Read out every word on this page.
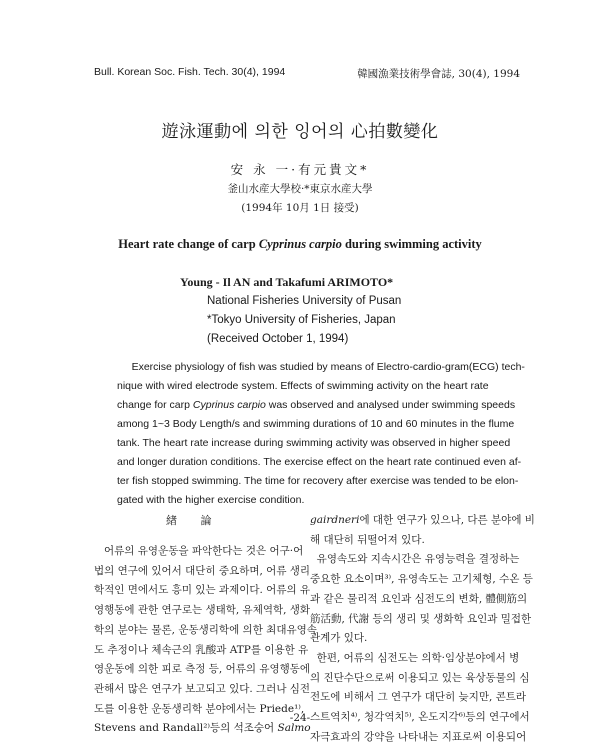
Bull. Korean Soc. Fish. Tech. 30(4), 1994	韓國漁業技術學會誌, 30(4), 1994
遊泳運動에 의한 잉어의 心拍數變化
安 永 一·有元貴文*
釜山水産大學校·*東京水産大學
(1994年 10月 1日 接受)
Heart rate change of carp Cyprinus carpio during swimming activity
Young - Il AN and Takafumi ARIMOTO*
National Fisheries University of Pusan
*Tokyo University of Fisheries, Japan
(Received October 1, 1994)
Exercise physiology of fish was studied by means of Electro-cardio-gram(ECG) tech-
nique with wired electrode system. Effects of swimming activity on the heart rate
change for carp Cyprinus carpio was observed and analysed under swimming speeds
among 1~3 Body Length/s and swimming durations of 10 and 60 minutes in the flume
tank. The heart rate increase during swimming activity was observed in higher speed
and longer duration conditions. The exercise effect on the heart rate continued even af-
ter fish stopped swimming. The time for recovery after exercise was tended to be elon-
gated with the higher exercise condition.
緖 論
어류의 유영운동을 파악한다는 것은 어구·어
법의 연구에 있어서 대단히 중요하며, 어류 생리
학적인 면에서도 흥미 있는 과제이다. 어류의 유
영행동에 관한 연구로는 생태학, 유체역학, 생화
학의 분야는 물론, 운동생리학에 의한 최대유영속
도 추정이나 체속근의 乳酸과 ATP를 이용한 유
영운동에 의한 피로 측정 등, 어류의 유영행동에
관해서 많은 연구가 보고되고 있다. 그러나 심전
도를 이용한 운동생리학 분야에서는 Priede¹⁾,
Stevens and Randall²⁾등의 석조숭어 Salmo
gairdneri에 대한 연구가 있으나, 다른 분야에 비
해 대단히 뒤떨어져 있다.
유영속도와 지속시간은 유영능력을 결정하는
중요한 요소이며³⁾, 유영속도는 고기체형, 수온 등
과 같은 물리적 요인과 심전도의 변화, 體側筋의
筋活動, 代謝 등의 생리 및 생화학 요인과 밀접한
관계가 있다.
한편, 어류의 심전도는 의학·임상분야에서 병
의 진단수단으로써 이용되고 있는 육상동물의 심
전도에 비해서 그 연구가 대단히 늦지만, 콘트라
스트역치⁴⁾, 청각역치⁵⁾, 온도지각⁶⁾등의 연구에서
자극효과의 강약을 나타내는 지표로써 이용되어
-24-
